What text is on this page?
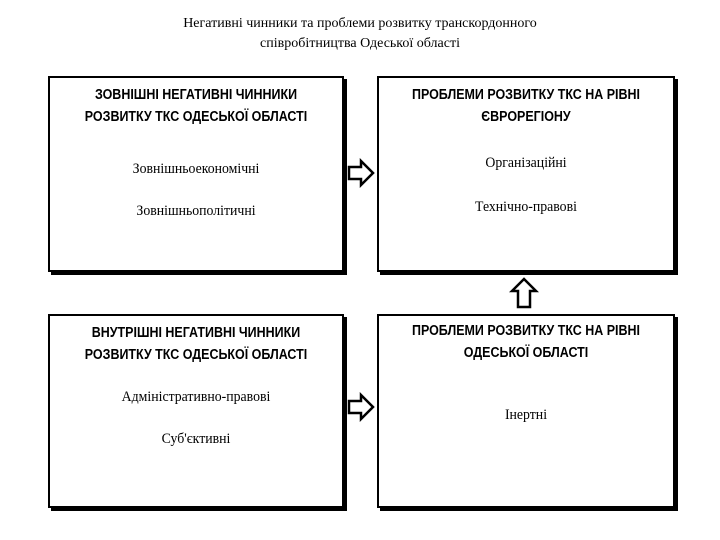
Негативні чинники та проблеми розвитку транскордонного
співробітництва Одеської області
ЗОВНІШНІ НЕГАТИВНІ ЧИННИКИ
РОЗВИТКУ ТКС ОДЕСЬКОЇ ОБЛАСТІ
Зовнішньоекономічні
Зовнішньополітичні
ПРОБЛЕМИ РОЗВИТКУ ТКС НА РІВНІ
ЄВРОРЕГІОНУ
Організаційні
Технічно-правові
ВНУТРІШНІ НЕГАТИВНІ ЧИННИКИ
РОЗВИТКУ ТКС ОДЕСЬКОЇ ОБЛАСТІ
Адміністративно-правові
Суб'єктивні
ПРОБЛЕМИ РОЗВИТКУ ТКС НА РІВНІ
ОДЕСЬКОЇ ОБЛАСТІ
Інертні
